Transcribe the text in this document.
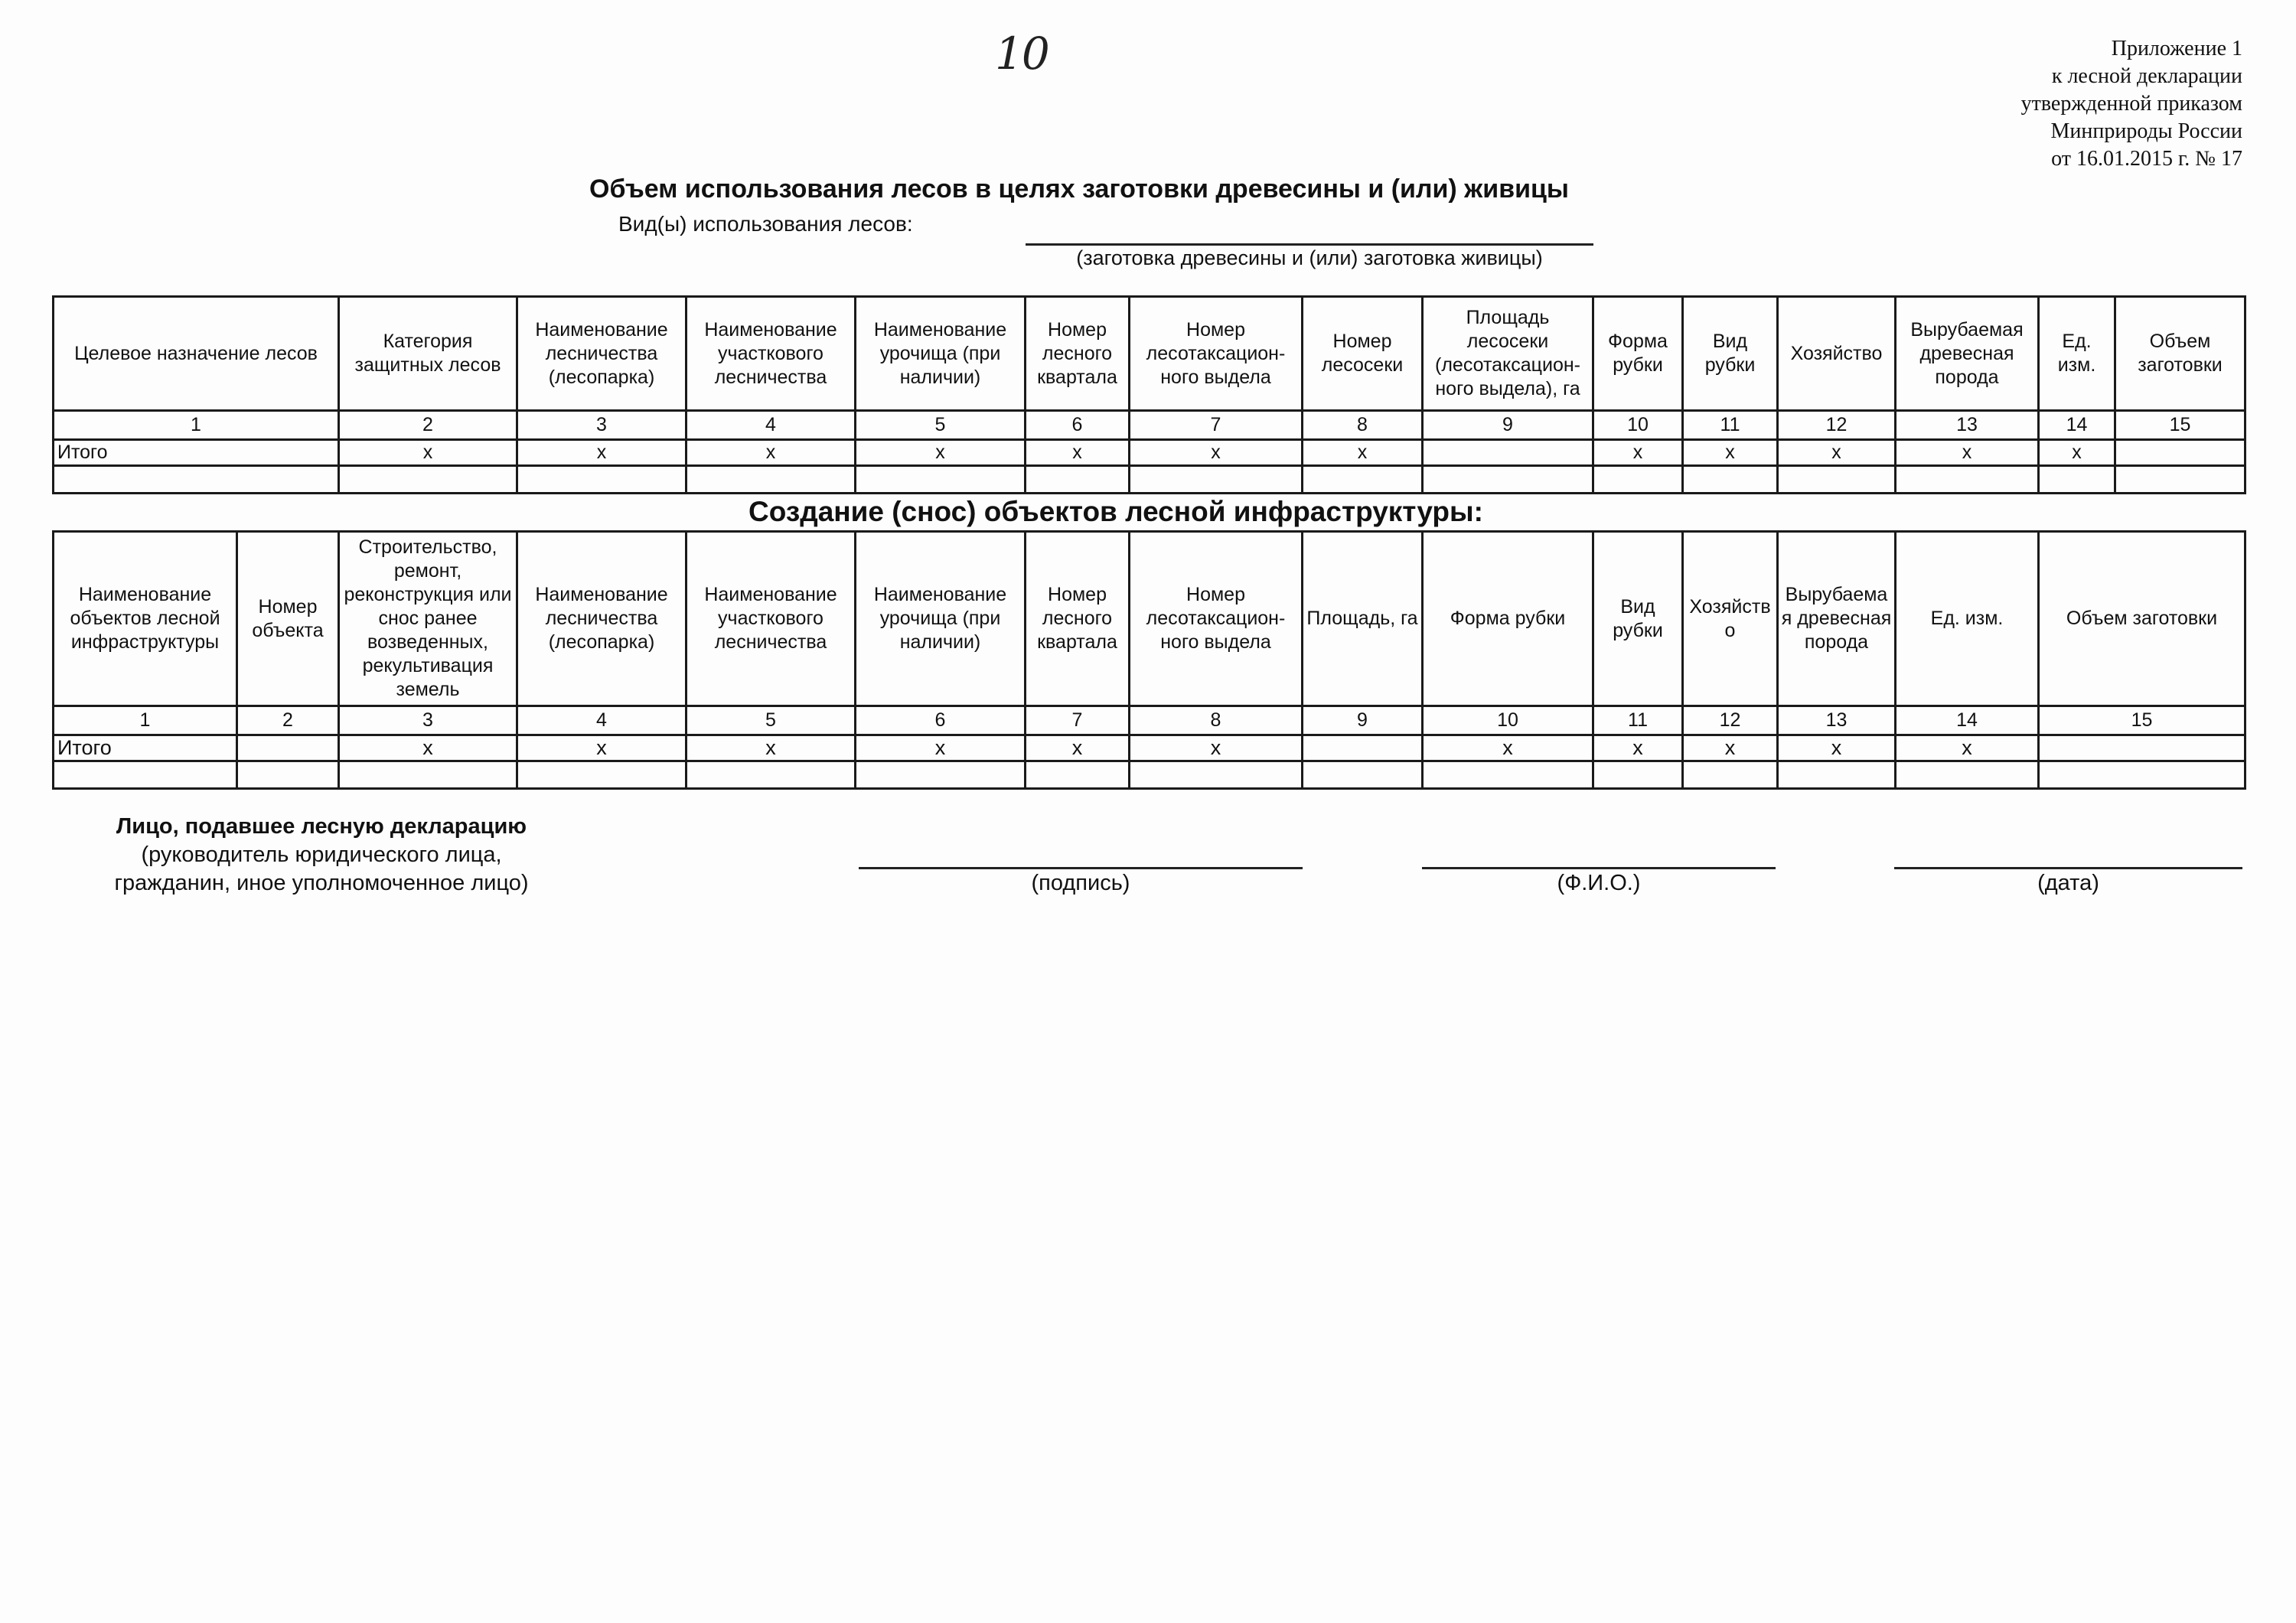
10	Приложение 1
к лесной декларации
утвержденной приказом
Минприроды России
от 16.01.2015 г. № 17
Объем использования лесов в целях заготовки древесины и (или) живицы
Вид(ы) использования лесов:
(заготовка древесины и (или) заготовка живицы)
Целевое назначение лесов	Категория защитных лесов	Наименование лесничества (лесопарка)	Наименование участкового лесничества	Наименование урочища (при наличии)	Номер лесного квартала	Номер лесотаксацион-ного выдела	Номер лесосеки	Площадь лесосеки (лесотаксацион-ного выдела), га	Форма рубки	Вид рубки	Хозяйство	Вырубаемая древесная порода	Ед. изм.	Объем заготовки
1	2	3	4	5	6	7	8	9	10	11	12	13	14	15
Итого	x	x	x	x	x	x	x		x	x	x	x	x	

Создание (снос) объектов лесной инфраструктуры:
Наименование объектов лесной инфраструктуры	Номер объекта	Строительство, ремонт, реконструкция или снос ранее возведенных, рекультивация земель	Наименование лесничества (лесопарка)	Наименование участкового лесничества	Наименование урочища (при наличии)	Номер лесного квартала	Номер лесотаксацион-ного выдела	Площадь, га	Форма рубки	Вид рубки	Хозяйств о	Вырубаема я древесная порода	Ед. изм.	Объем заготовки
1	2	3	4	5	6	7	8	9	10	11	12	13	14	15
Итого		x	x	x	x	x	x		x	x	x	x	x	

Лицо, подавшее лесную декларацию
(руководитель юридического лица, гражданин, иное уполномоченное лицо)	(подпись)	(Ф.И.О.)	(дата)
